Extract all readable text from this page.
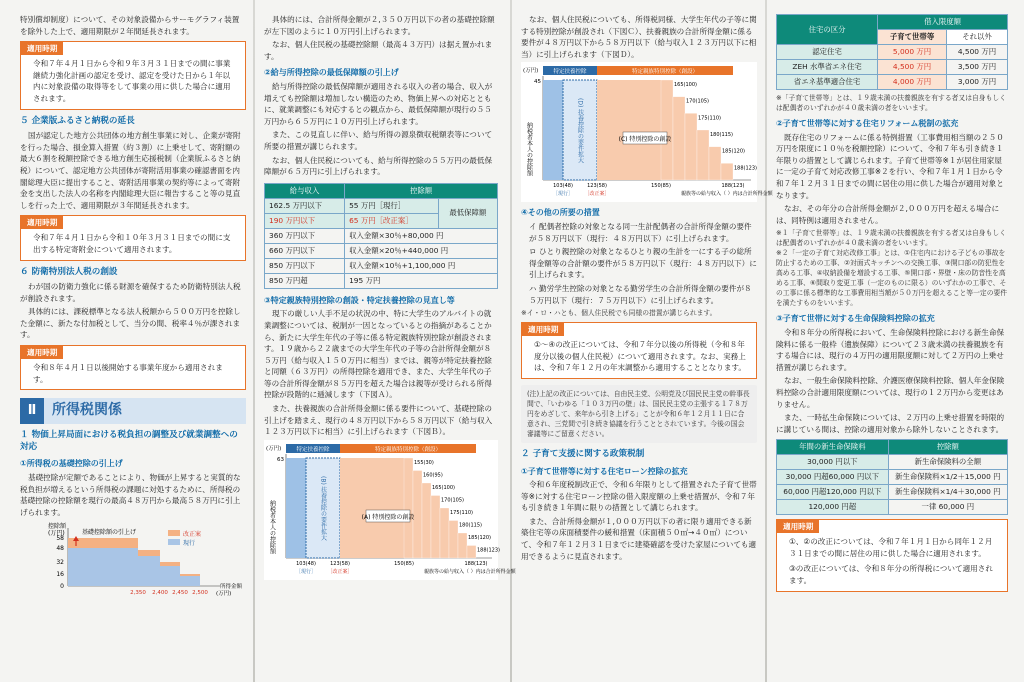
特別償却制度）について、その対象設備からサーモグラフィ装置を除外した上で、適用期限が２年間延長されます。

適用時期
令和７年４月１日から令和９年３月３１日までの間に事業継続力強化計画の認定を受け、認定を受けた日から１年以内に対象設備の取得等をして事業の用に供した場合に適用されます。
５ 企業版ふるさと納税の延長

国が認定した地方公共団体の地方創生事業に対し、企業が寄附を行った場合、損金算入措置（約３割）に上乗せして、寄附額の最大６割を税額控除できる地方創生応援税制（企業版ふるさと納税）について、認定地方公共団体が寄附活用事業の確認書面を内閣総理大臣に提出すること、寄附活用事業の契約等によって寄附金を支出した法人の名称を内閣総理大臣に報告すること等の見直しを行った上で、適用期限が３年間延長されます。

適用時期
令和７年４月１日から令和１０年３月３１日までの間に支出する特定寄附金について適用されます。
６ 防衛特別法人税の創設

わが国の防衛力強化に係る財源を確保するため防衛特別法人税が創設されます。

具体的には、課税標準となる法人税額から５００万円を控除した金額に、新たな付加税として、当分の間、税率４％が課されます。

適用時期
令和８年４月１日以後開始する事業年度から適用されます。
Ⅱ	所得税関係
１ 物価上昇局面における税負担の調整及び就業調整への対応
①所得税の基礎控除の引上げ

基礎控除が定額であることにより、物価が上昇すると実質的な税負担が増えるという所得税の課題に対処するために、所得税の基礎控除の控除額を現行の最高４８万円から最高５８万円に引上げられます。

控除額
(万円)
58
48
32
16
0
基礎控除額の引上げ	改正案
現行
2,350 2,400 2,450 2,500 (万円)
所得金額

具体的には、合計所得金額が２,３５０万円以下の者の基礎控除額が左下図のように１０万円引上げられます。

なお、個人住民税の基礎控除額（最高４３万円）は据え置かれます。

②給与所得控除の最低保障額の引上げ

給与所得控除の最低保障額が適用される収入の者の場合、収入が増えても控除額は増加しない構造のため、物価上昇への対応とともに、就業調整にも対応するとの観点から、最低保障額が現行の５５万円から６５万円に１０万円引上げられます。

また、この見直しに伴い、給与所得の源泉徴収税額表等について所要の措置が講じられます。

なお、個人住民税についても、給与所得控除の５５万円の最低保障額が６５万円に引上げられます。

給与収入	控除額	
162.5 万円以下	55 万円［現行］	最低保障額
190 万円以下	65 万円［改正案］	
360 万円以下	収入金額×30％+80,000 円	
660 万円以下	収入金額×20％+440,000 円	
850 万円以下	収入金額×10％+1,100,000 円	
850 万円超	195 万円	
③特定親族特別控除の創設・特定扶養控除の見直し等

現下の厳しい人手不足の状況の中、特に大学生のアルバイトの就業調整については、税制が一因となっているとの指摘があることから、新たに大学生年代の子等に係る特定親族特別控除が創設されます。１９歳から２２歳までの大学生年代の子等の合計所得金額が８５万円（給与収入１５０万円に相当）までは、親等が特定扶養控除と同額（６３万円）の所得控除を適用でき、また、大学生年代の子等の合計所得金額が８５万円を超えた場合は親等が受けられる所得控除が段階的に逓減します（下図Ａ）。

また、扶養親族の合計所得金額に係る要件について、基礎控除の引上げを踏まえ、現行の４８万円以下から５８万円以下（給与収入１２３万円以下に相当）に引上げられます（下図Ｂ）。

(万円)
納税者本人の控除額
特定扶養控除	特定親族特別控除（創設）
(B) 扶養控除の要件拡大
155(30)
160(95)
165(100)
170(105)
175(110)
180(115)
185(120)
188(123)
(A) 特別控除の創設
63
103(48)	123(58)	150(85)	188(123)
［現行］ ［改正案］	親族等の給与収入（ ）内は合計所得金額

なお、個人住民税についても、所得税同様、大学生年代の子等に関する特別控除が創設され（下図Ｃ）、扶養親族の合計所得金額に係る要件が４８万円以下から５８万円以下（給与収入１２３万円以下に相当）に引上げられます（下図Ｄ）。

(万円)
納税者本人の控除額
特定扶養控除	特定親族特別控除（創設）
(D) 扶養控除の要件拡大
165(100)
170(105)
175(110)
180(115)
185(120)
188(123)
(C) 特別控除の創設
45
103(48)	123(58)	150(85)	188(123)
［現行］ ［改正案］	親族等の給与収入（ ）内は合計所得金額
④その他の所要の措置

イ 配偶者控除の対象となる同一生計配偶者の合計所得金額の要件が５８万円以下（現行：４８万円以下）に引上げられます。

ロ ひとり親控除の対象となるひとり親の生計を一にする子の総所得金額等の合計額の要件が５８万円以下（現行：４８万円以下）に引上げられます。

ハ 勤労学生控除の対象となる勤労学生の合計所得金額の要件が８５万円以下（現行：７５万円以下）に引上げられます。

※イ・ロ・ハとも、個人住民税でも同様の措置が講じられます。
適用時期
①～④の改正については、令和７年分以後の所得税（令和８年度分以後の個人住民税）について適用されます。なお、実務上は、令和７年１２月の年末調整から適用することとなります。
(注)上記の改正については、自由民主党、公明党及び国民民主党の幹事長間で、「いわゆる「１０３万円の壁」は、国民民主党の主張する１７８万円をめざして、来年から引き上げる」ことが令和６年１２月１１日に合意され、三党間で引き続き協議を行うこととされています。今後の国会審議等にご留意ください。
２ 子育て支援に関する政策税制
①子育て世帯等に対する住宅ローン控除の拡充

令和６年度税制改正で、令和６年限りとして措置された子育て世帯等※に対する住宅ローン控除の借入限度額の上乗せ措置が、令和７年も引き続き１年間に限りの措置として講じられます。

また、合計所得金額が１,０００万円以下の者に限り適用できる新築住宅等の床面積要件の緩和措置（床面積５０㎡→４０㎡）について、令和７年１２月３１日までに建築確認を受けた家屋についても適用できるように見直されます。

住宅の区分	借入限度額	
	子育て世帯等	それ以外
認定住宅	5,000 万円	4,500 万円
ZEH 水準省エネ住宅	4,500 万円	3,500 万円
省エネ基準適合住宅	4,000 万円	3,000 万円
※「子育て世帯等」とは、１９歳未満の扶養親族を有する者又は自身もしくは配偶者のいずれかが４０歳未満の者をいいます。
②子育て世帯等に対する住宅リフォーム税制の拡充

既存住宅のリフォームに係る特例措置（工事費用相当額の２５０万円を限度に１０％を税額控除）について、令和７年も引き続き１年限りの措置として講じられます。子育て世帯等※１が居住用家屋に一定の子育て対応改修工事※２を行い、令和７年１月１日から令和７年１２月３１日までの間に居住の用に供した場合が適用対象となります。

なお、その年分の合計所得金額が２,０００万円を超える場合には、同特例は適用されません。

※１「子育て世帯等」は、１９歳未満の扶養親族を有する者又は自身もしくは配偶者のいずれかが４０歳未満の者をいいます。
※２「一定の子育て対応改修工事」とは、①住宅内における子どもの事故を防止するための工事、②対面式キッチンへの交換工事、③開口部の防犯性を高める工事、④収納設備を増設する工事、⑤開口部・界壁・床の防音性を高める工事、⑥間取り変更工事（一定のものに限る）のいずれかの工事で、その工事に係る標準的な工事費用相当額が５０万円を超えること等一定の要件を満たすものをいいます。
③子育て世帯に対する生命保険料控除の拡充

令和８年分の所得税において、生命保険料控除における新生命保険料に係る一般枠（遺族保障）について２３歳未満の扶養親族を有する場合には、現行の４万円の適用限度額に対して２万円の上乗せ措置が講じられます。

なお、一般生命保険料控除、介護医療保険料控除、個人年金保険料控除の合計適用限度額については、現行の１２万円から変更はありません。

また、一時払生命保険については、２万円の上乗せ措置を時限的に講じている間は、控除の適用対象から除外しないことされます。

年間の新生命保険料	控除額
30,000 円以下	新生命保険料の全額
30,000 円超60,000 円以下	新生命保険料×1/2＋15,000 円
60,000 円超120,000 円以下	新生命保険料×1/4＋30,000 円
120,000 円超	一律 60,000 円
適用時期
①、②の改正については、令和７年１月１日から同年１２月３１日までの間に居住の用に供した場合に適用されます。
③の改正については、令和８年分の所得税について適用されます。
